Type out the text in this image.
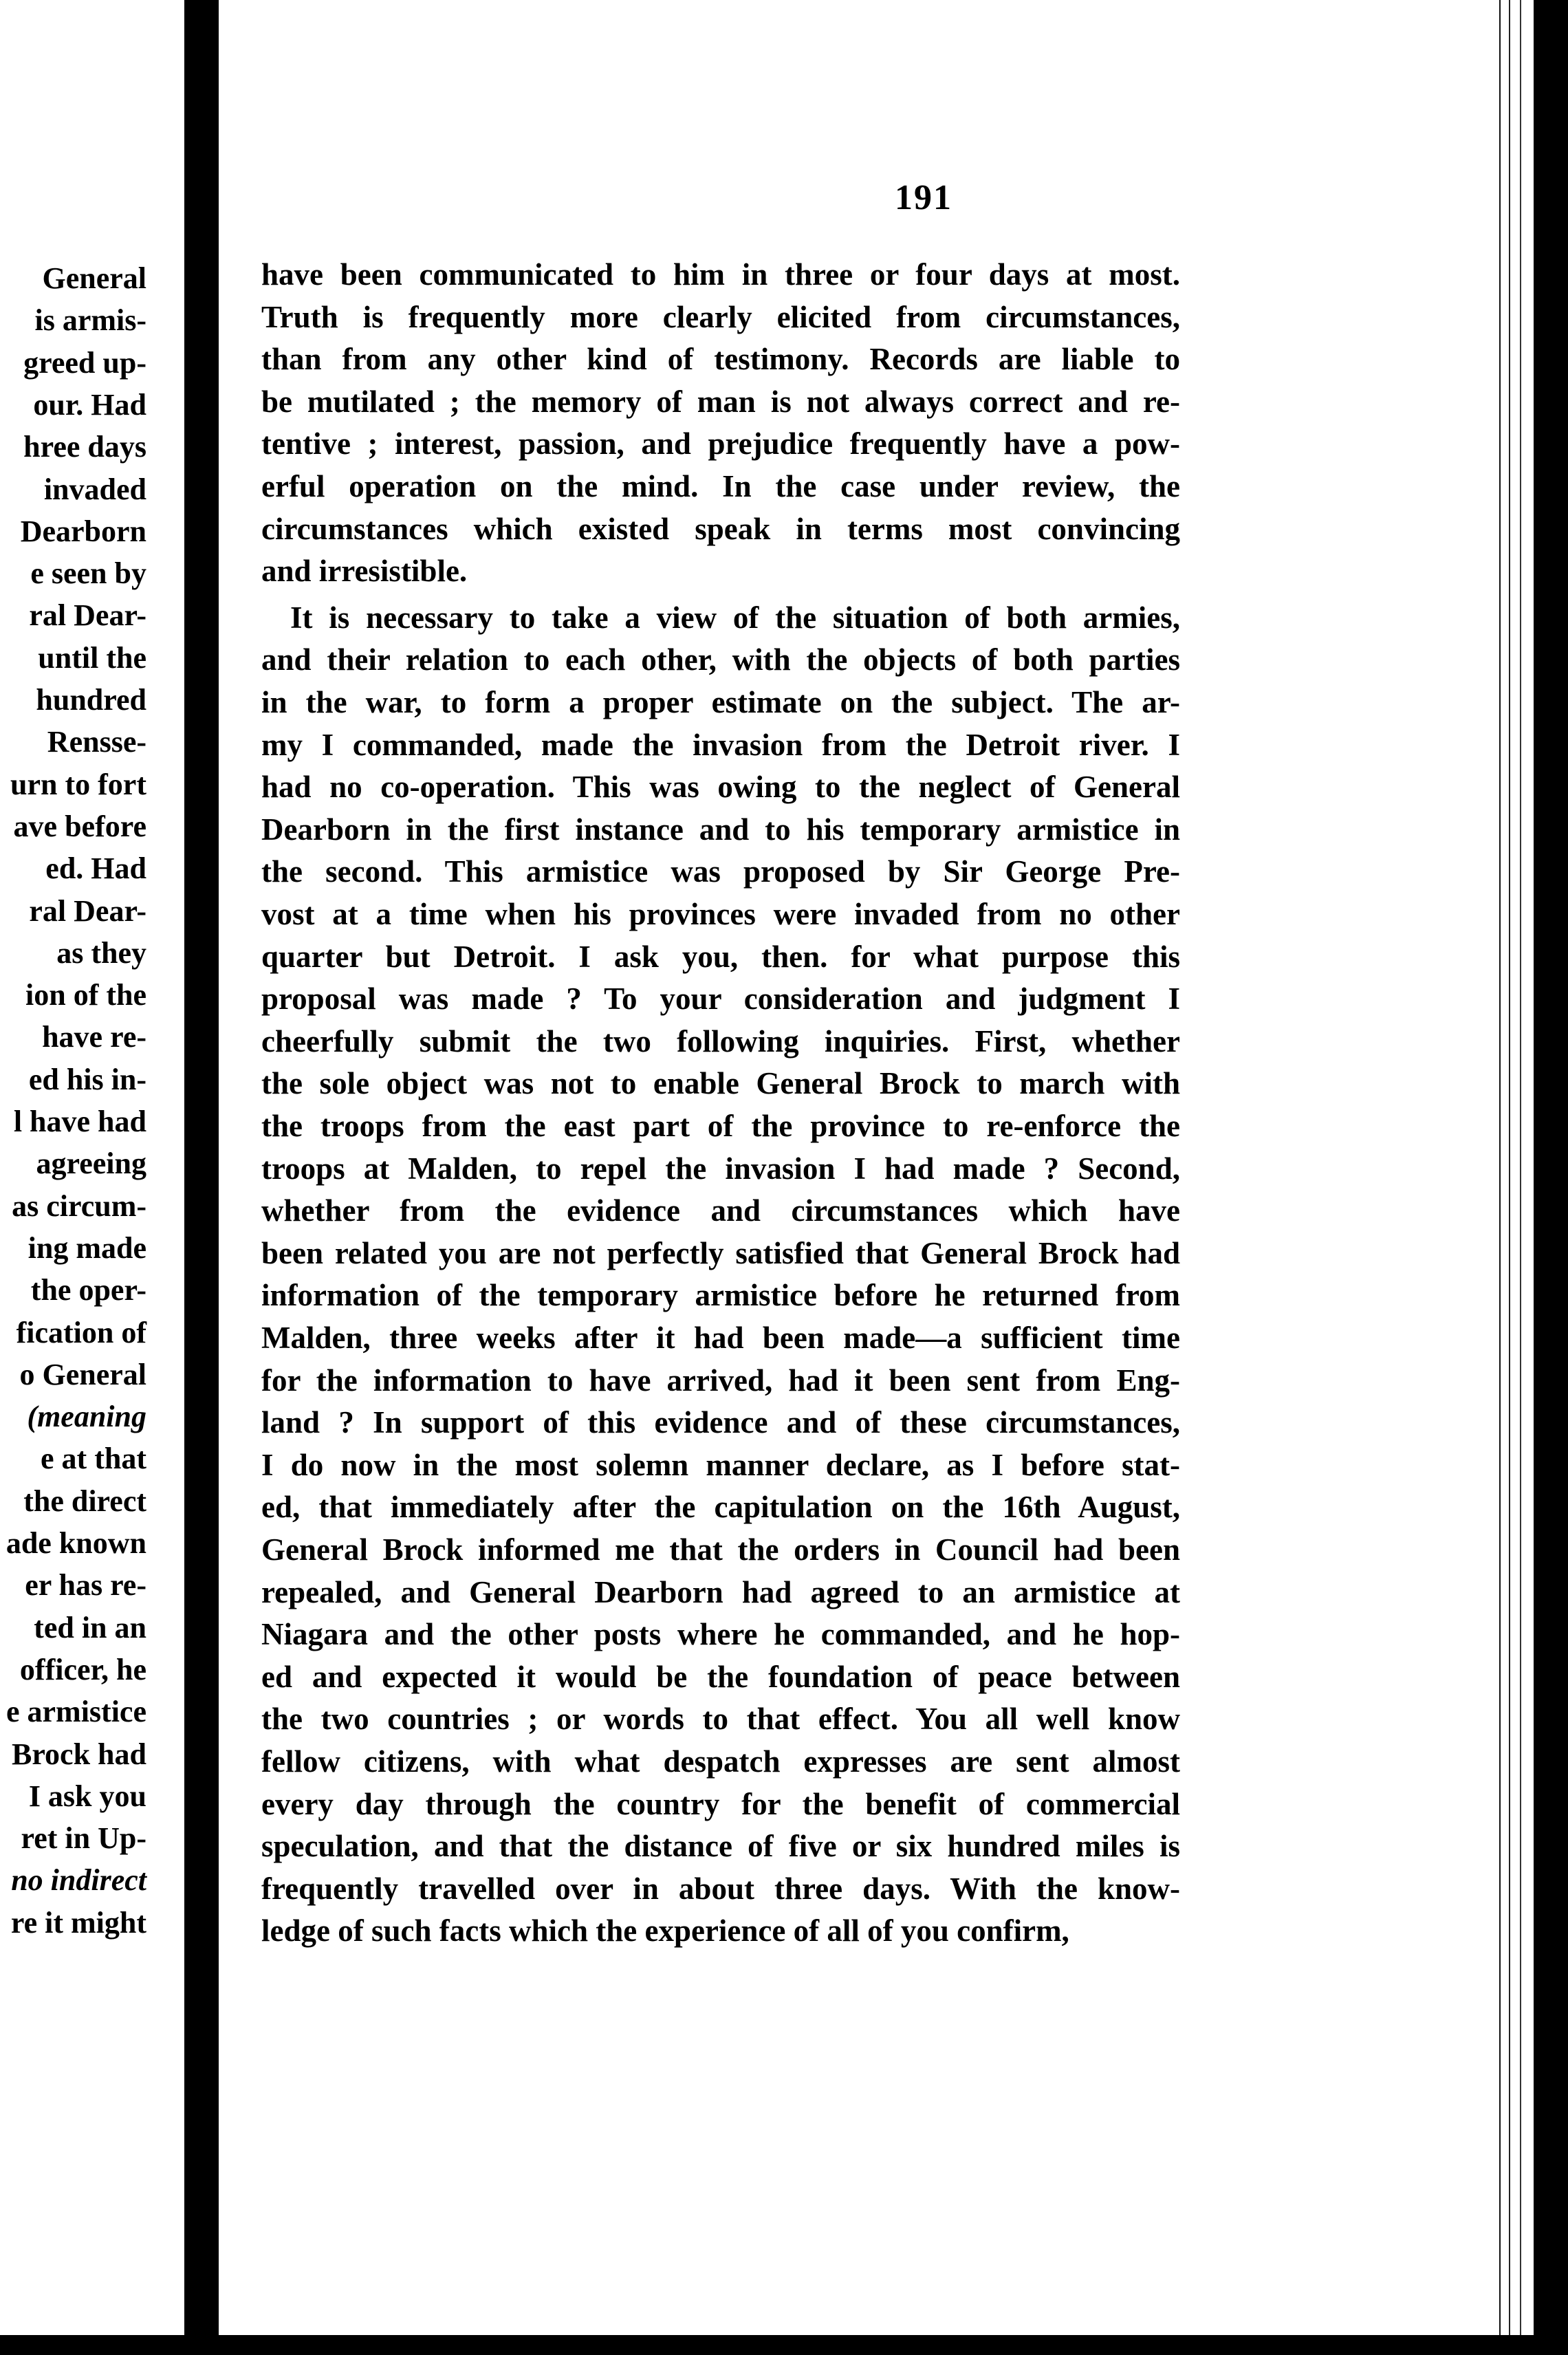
General
is armis-
greed up-
our. Had
hree days
invaded
Dearborn
e seen by
ral Dear-
until the
hundred
Rensse-
urn to fort
ave before
ed. Had
ral Dear-
as they
ion of the
have re-
ed his in-
l have had
agreeing
as circum-
ing made
the oper-
fication of
o General
(meaning
e at that
the direct
ade known
er has re-
ted in an
officer, he
e armistice
Brock had
I ask you
ret in Up-
no indirect
re it might
191
have been communicated to him in three or four days at most.
Truth is frequently more clearly elicited from circumstances,
than from any other kind of testimony. Records are liable to
be mutilated ; the memory of man is not always correct and re-
tentive ; interest, passion, and prejudice frequently have a pow-
erful operation on the mind. In the case under review, the
circumstances which existed speak in terms most convincing
and irresistible.
It is necessary to take a view of the situation of both armies,
and their relation to each other, with the objects of both parties
in the war, to form a proper estimate on the subject. The ar-
my I commanded, made the invasion from the Detroit river. I
had no co-operation. This was owing to the neglect of General
Dearborn in the first instance and to his temporary armistice in
the second. This armistice was proposed by Sir George Pre-
vost at a time when his provinces were invaded from no other
quarter but Detroit. I ask you, then. for what purpose this
proposal was made ? To your consideration and judgment I
cheerfully submit the two following inquiries. First, whether
the sole object was not to enable General Brock to march with
the troops from the east part of the province to re-enforce the
troops at Malden, to repel the invasion I had made ? Second,
whether from the evidence and circumstances which have
been related you are not perfectly satisfied that General Brock had
information of the temporary armistice before he returned from
Malden, three weeks after it had been made—a sufficient time
for the information to have arrived, had it been sent from Eng-
land ? In support of this evidence and of these circumstances,
I do now in the most solemn manner declare, as I before stat-
ed, that immediately after the capitulation on the 16th August,
General Brock informed me that the orders in Council had been
repealed, and General Dearborn had agreed to an armistice at
Niagara and the other posts where he commanded, and he hop-
ed and expected it would be the foundation of peace between
the two countries ; or words to that effect. You all well know
fellow citizens, with what despatch expresses are sent almost
every day through the country for the benefit of commercial
speculation, and that the distance of five or six hundred miles is
frequently travelled over in about three days. With the know-
ledge of such facts which the experience of all of you confirm,
